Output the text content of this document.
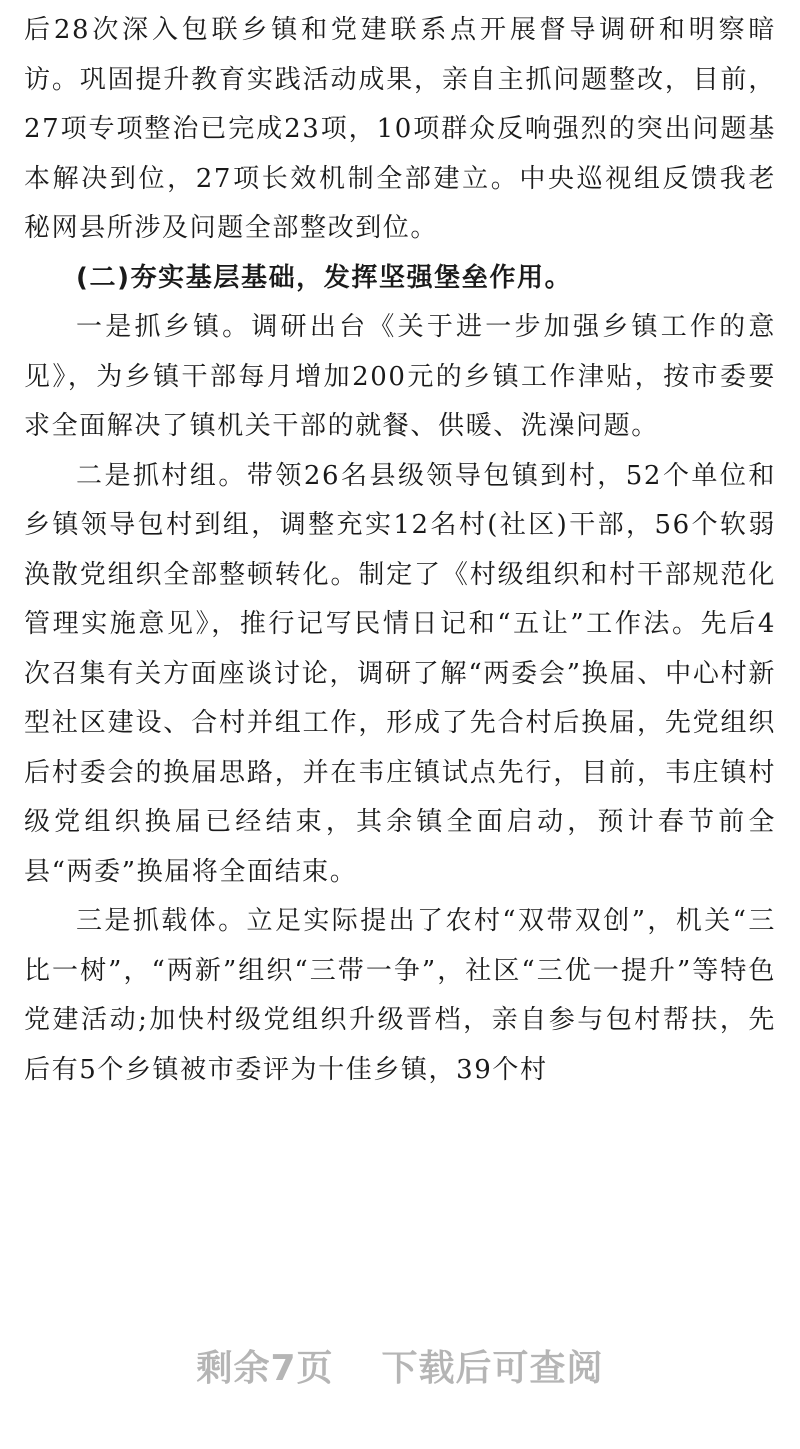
后28次深入包联乡镇和党建联系点开展督导调研和明察暗访。巩固提升教育实践活动成果，亲自主抓问题整改，目前，27项专项整治已完成23项，10项群众反响强烈的突出问题基本解决到位，27项长效机制全部建立。中央巡视组反馈我老秘网县所涉及问题全部整改到位。

(二)夯实基层基础，发挥坚强堡垒作用。

一是抓乡镇。调研出台《关于进一步加强乡镇工作的意见》，为乡镇干部每月增加200元的乡镇工作津贴，按市委要求全面解决了镇机关干部的就餐、供暖、洗澡问题。

二是抓村组。带领26名县级领导包镇到村，52个单位和乡镇领导包村到组，调整充实12名村(社区)干部，56个软弱涣散党组织全部整顿转化。制定了《村级组织和村干部规范化管理实施意见》，推行记写民情日记和“五让”工作法。先后4次召集有关方面座谈讨论，调研了解“两委会”换届、中心村新型社区建设、合村并组工作，形成了先合村后换届，先党组织后村委会的换届思路，并在韦庄镇试点先行，目前，韦庄镇村级党组织换届已经结束，其余镇全面启动，预计春节前全县“两委”换届将全面结束。

三是抓载体。立足实际提出了农村“双带双创”，机关“三比一树”，“两新”组织“三带一争”，社区“三优一提升”等特色党建活动;加快村级党组织升级晋档，亲自参与包村帮扶，先后有5个乡镇被市委评为十佳乡镇，39个村

剩余7页 下载后可查阅
